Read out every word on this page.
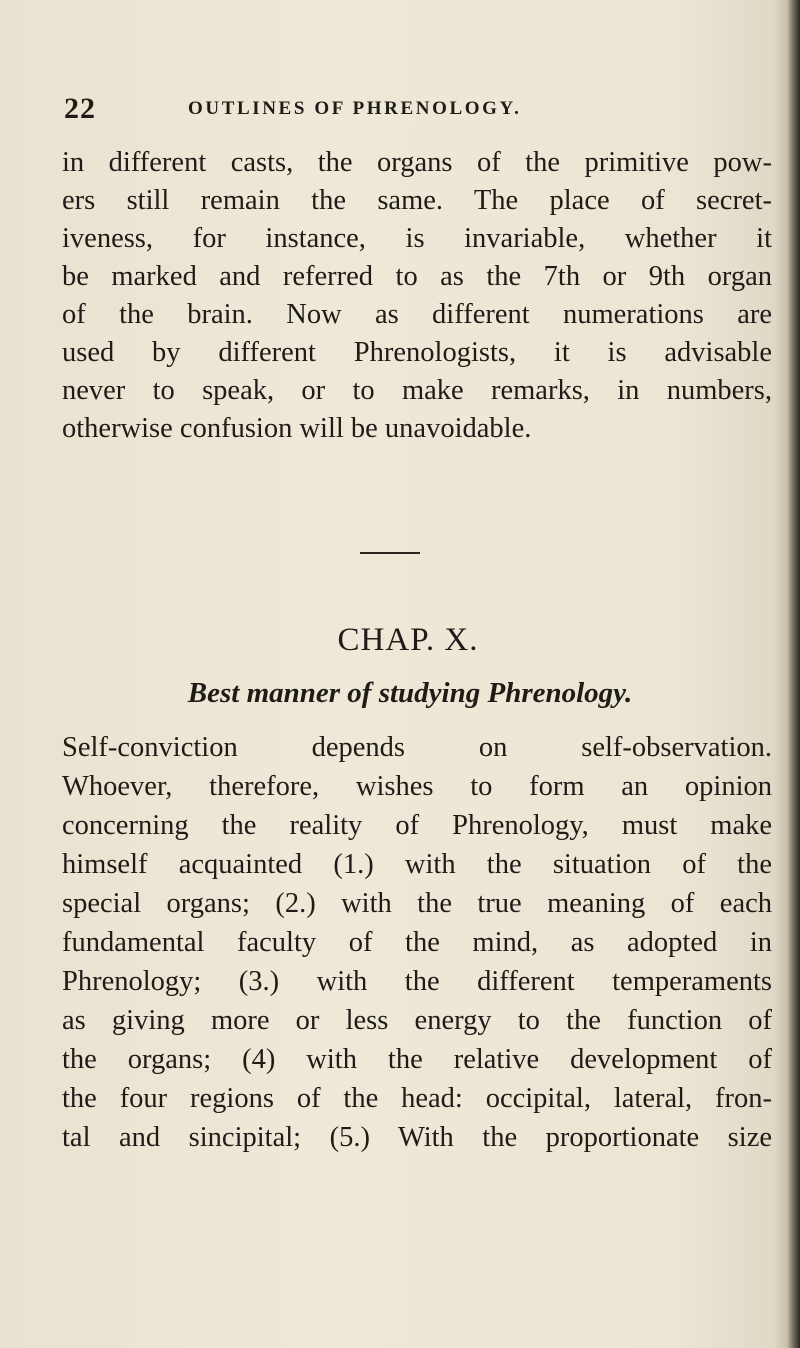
22	OUTLINES OF PHRENOLOGY.
in different casts, the organs of the primitive pow-
ers still remain the same. The place of secret-
iveness, for instance, is invariable, whether it
be marked and referred to as the 7th or 9th organ
of the brain. Now as different numerations are
used by different Phrenologists, it is advisable
never to speak, or to make remarks, in numbers,
otherwise confusion will be unavoidable.
CHAP. X.
Best manner of studying Phrenology.
Self-conviction depends on self-observation.
Whoever, therefore, wishes to form an opinion
concerning the reality of Phrenology, must make
himself acquainted (1.) with the situation of the
special organs; (2.) with the true meaning of each
fundamental faculty of the mind, as adopted in
Phrenology; (3.) with the different temperaments
as giving more or less energy to the function of
the organs; (4) with the relative development of
the four regions of the head: occipital, lateral, fron-
tal and sincipital; (5.) With the proportionate size
